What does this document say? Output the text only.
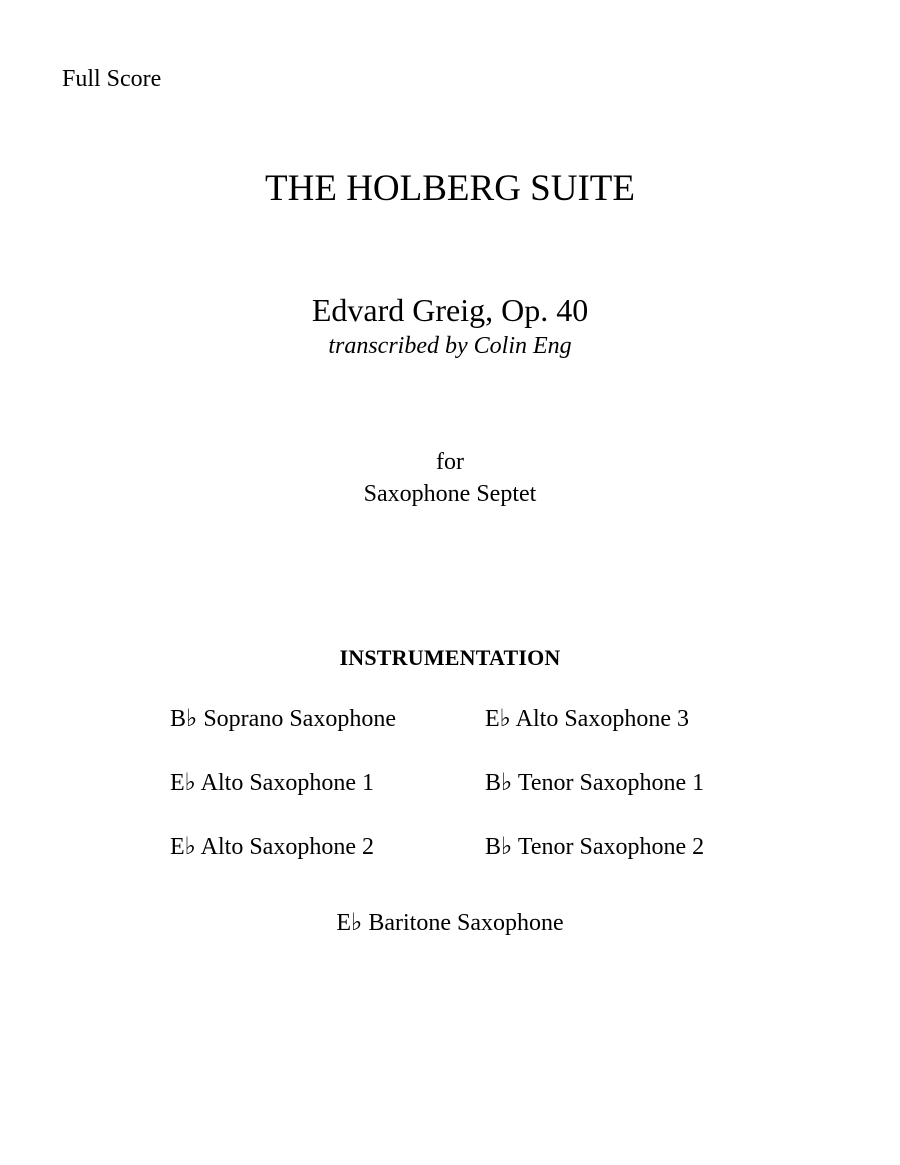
Full Score
THE HOLBERG SUITE
Edvard Greig, Op. 40
transcribed by Colin Eng
for
Saxophone Septet
INSTRUMENTATION
B♭ Soprano Saxophone
E♭ Alto Saxophone 1
E♭ Alto Saxophone 2
E♭ Alto Saxophone 3
B♭ Tenor Saxophone 1
B♭ Tenor Saxophone 2
E♭ Baritone Saxophone
